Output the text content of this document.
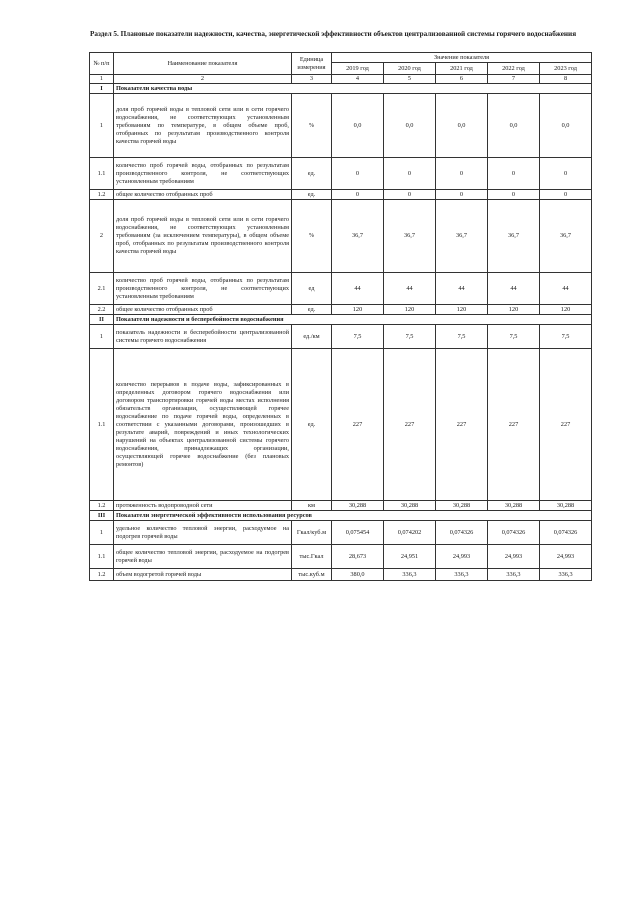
Раздел 5. Плановые показатели надежности, качества, энергетической эффективности объектов централизованной системы горячего водоснабжения
№ п/п	Наименование показателя	Единица измерения	Значение показателя				
			2019 год	2020 год	2021 год	2022 год	2023 год
1	2	3	4	5	6	7	8
I	Показатели качества воды						
1	доля проб горячей воды в тепловой сети или в сети горячего водоснабжения, не соответствующих установленным требованиям по температуре, в общем объеме проб, отобранных по результатам производственного контроля качества горячей воды	%	0,0	0,0	0,0	0,0	0,0
1.1	количество проб горячей воды, отобранных по результатам производственного контроля, не соответствующих установленным требованиям	ед.	0	0	0	0	0
1.2	общее количество отобранных проб	ед.	0	0	0	0	0
2	доля проб горячей воды в тепловой сети или в сети горячего водоснабжения, не соответствующих установленным требованиям (за исключением температуры), в общем объеме проб, отобранных по результатам производственного контроля качества горячей воды	%	36,7	36,7	36,7	36,7	36,7
2.1	количество проб горячей воды, отобранных по результатам производственного контроля, не соответствующих установленным требованиям	ед	44	44	44	44	44
2.2	общее количество отобранных проб	ед.	120	120	120	120	120
II	Показатели надежности и бесперебойности водоснабжения						
1	показатель надежности и бесперебойности централизованной системы горячего водоснабжения	ед./км	7,5	7,5	7,5	7,5	7,5
1.1	количество перерывов в подаче воды, зафиксированных в определенных договором горячего водоснабжения или договором транспортировки горячей воды местах исполнения обязательств организации, осуществляющей горячее водоснабжение по подаче горячей воды, определенных в соответствии с указанными договорами, произошедших в результате аварий, повреждений и иных технологических нарушений на объектах централизованной системы горячего водоснабжения, принадлежащих организации, осуществляющей горячее водоснабжение (без плановых ремонтов)	ед.	227	227	227	227	227
1.2	протяженность водопроводной сети	км	30,288	30,288	30,288	30,288	30,288
III	Показатели энергетической эффективности использования ресурсов						
1	удельное количество тепловой энергии, расходуемое на подогрев горячей воды	Гкал/куб.м	0,075454	0,074202	0,074326	0,074326	0,074326
1.1	общее количество тепловой энергии, расходуемое на подогрев горячей воды	тыс.Гкал	28,673	24,951	24,993	24,993	24,993
1.2	объем водогретой горячей воды	тыс.куб.м	380,0	336,3	336,3	336,3	336,3
